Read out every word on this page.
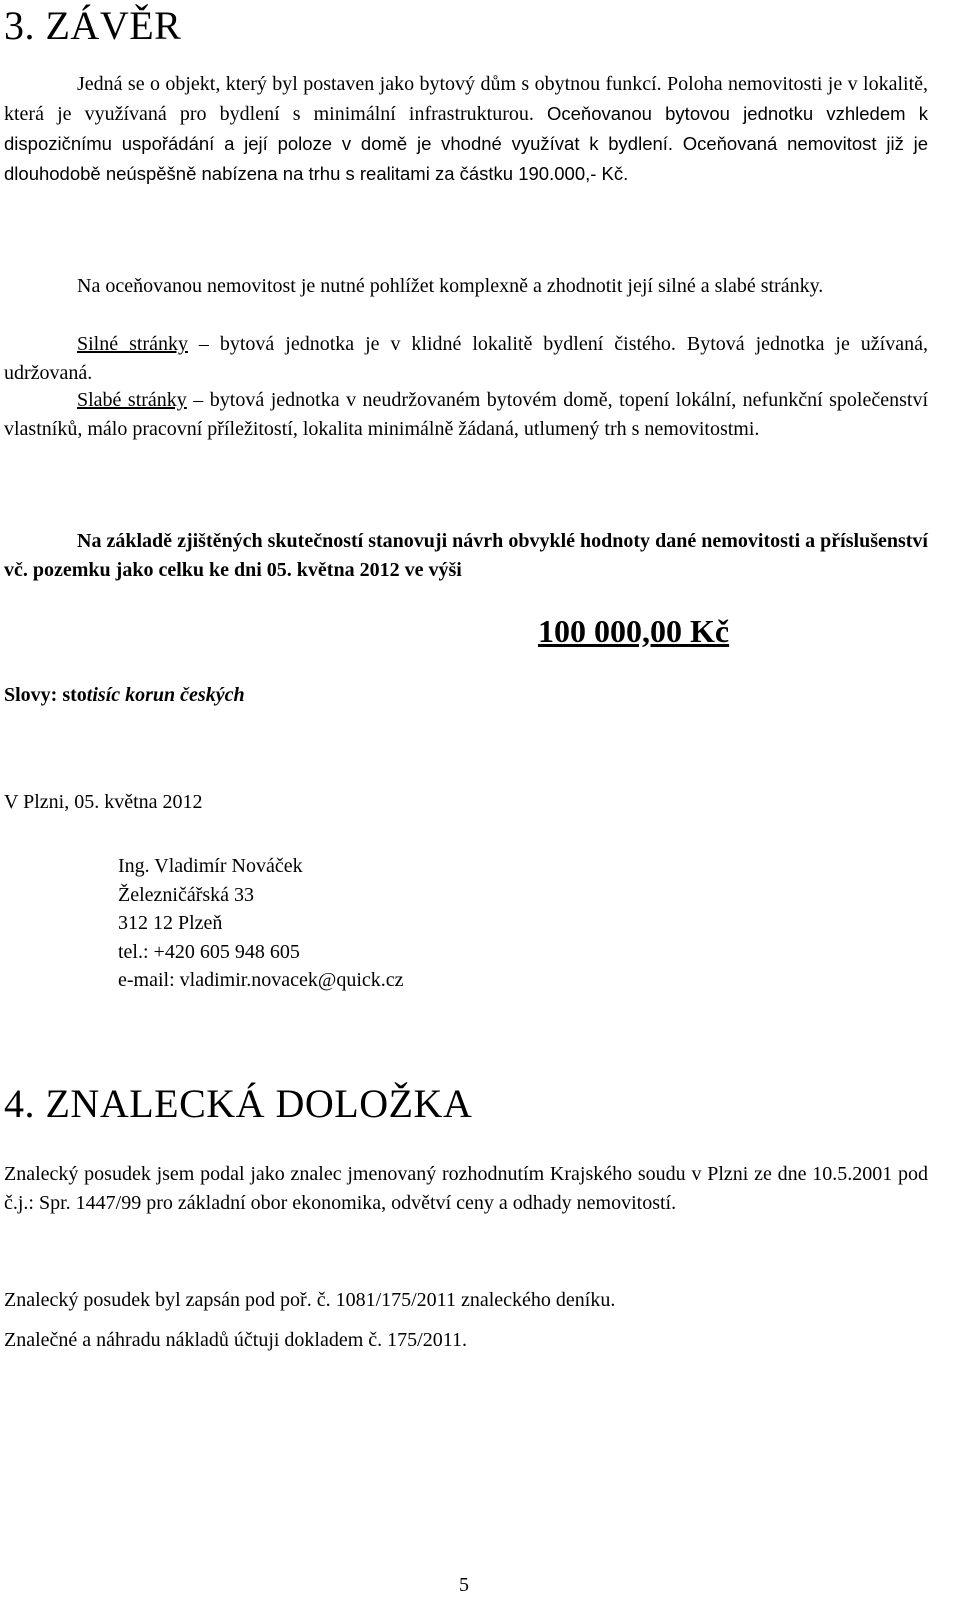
3. ZÁVĚR

Jedná se o objekt, který byl postaven jako bytový dům s obytnou funkcí. Poloha nemovitosti je v lokalitě, která je využívaná pro bydlení s minimální infrastrukturou. Oceňovanou bytovou jednotku vzhledem k dispozičnímu uspořádání a její poloze v domě je vhodné využívat k bydlení. Oceňovaná nemovitost již je dlouhodobě neúspěšně nabízena na trhu s realitami za částku 190.000,- Kč.

Na oceňovanou nemovitost je nutné pohlížet komplexně a zhodnotit její silné a slabé stránky.

Silné stránky – bytová jednotka je v klidné lokalitě bydlení čistého. Bytová jednotka je užívaná, udržovaná.

Slabé stránky – bytová jednotka v neudržovaném bytovém domě, topení lokální, nefunkční společenství vlastníků, málo pracovní příležitostí, lokalita minimálně žádaná, utlumený trh s nemovitostmi.

Na základě zjištěných skutečností stanovuji návrh obvyklé hodnoty dané nemovitosti a příslušenství vč. pozemku jako celku ke dni 05. května 2012 ve výši

100 000,00 Kč
Slovy: stotisíc korun českých
V Plzni, 05. května 2012
Ing. Vladimír Nováček
Železničářská 33
312 12 Plzeň
tel.: +420 605 948 605
e-mail: vladimir.novacek@quick.cz
4. ZNALECKÁ DOLOŽKA

Znalecký posudek jsem podal jako znalec jmenovaný rozhodnutím Krajského soudu v Plzni ze dne 10.5.2001 pod č.j.: Spr. 1447/99 pro základní obor ekonomika, odvětví ceny a odhady nemovitostí.

Znalecký posudek byl zapsán pod poř. č. 1081/175/2011 znaleckého deníku.
Znalečné a náhradu nákladů účtuji dokladem č. 175/2011.
5
